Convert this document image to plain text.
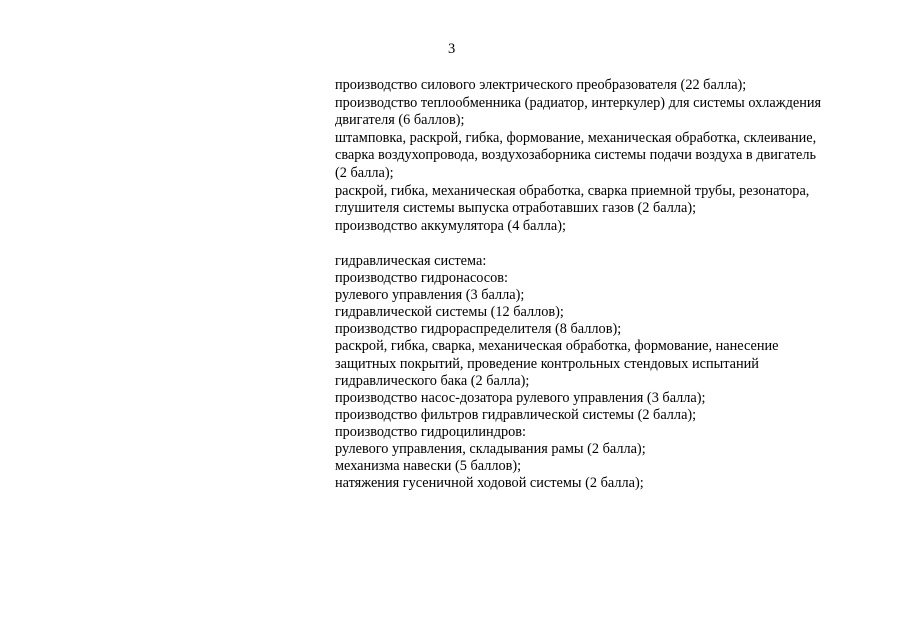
3
производство силового электрического преобразователя (22 балла);
производство теплообменника (радиатор, интеркулер) для системы охлаждения
двигателя (6 баллов);
штамповка, раскрой, гибка, формование, механическая обработка, склеивание,
сварка воздухопровода, воздухозаборника системы подачи воздуха в двигатель
(2 балла);
раскрой, гибка, механическая обработка, сварка приемной трубы, резонатора,
глушителя системы выпуска отработавших газов (2 балла);
производство аккумулятора (4 балла);
гидравлическая система:
производство гидронасосов:
рулевого управления (3 балла);
гидравлической системы (12 баллов);
производство гидрораспределителя (8 баллов);
раскрой, гибка, сварка, механическая обработка, формование, нанесение
защитных покрытий, проведение контрольных стендовых испытаний
гидравлического бака (2 балла);
производство насос-дозатора рулевого управления (3 балла);
производство фильтров гидравлической системы (2 балла);
производство гидроцилиндров:
рулевого управления, складывания рамы (2 балла);
механизма навески (5 баллов);
натяжения гусеничной ходовой системы (2 балла);
